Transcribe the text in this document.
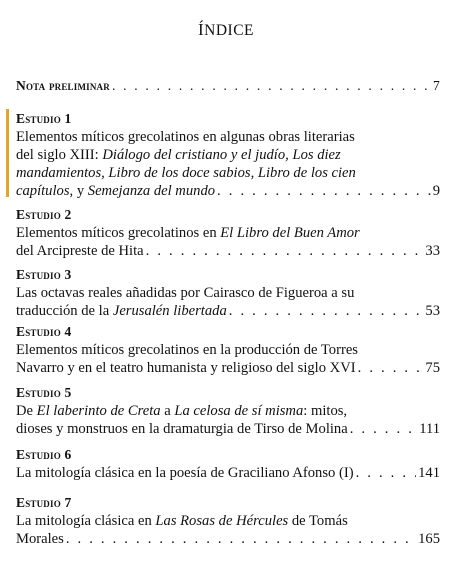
ÍNDICE
Nota preliminar . . .	7
Estudio 1
Elementos míticos grecolatinos en algunas obras literarias
del siglo XIII: Diálogo del cristiano y el judío, Los diez
mandamientos, Libro de los doce sabios, Libro de los cien
capítulos, y Semejanza del mundo . . .	9
Estudio 2
Elementos míticos grecolatinos en El Libro del Buen Amor
del Arcipreste de Hita . . .	33
Estudio 3
Las octavas reales añadidas por Cairasco de Figueroa a su
traducción de la Jerusalén libertada . . .	53
Estudio 4
Elementos míticos grecolatinos en la producción de Torres
Navarro y en el teatro humanista y religioso del siglo XVI . . .	75
Estudio 5
De El laberinto de Creta a La celosa de sí misma: mitos,
dioses y monstruos en la dramaturgia de Tirso de Molina . . .	111
Estudio 6
La mitología clásica en la poesía de Graciliano Afonso (I) . . .	141
Estudio 7
La mitología clásica en Las Rosas de Hércules de Tomás
Morales . . .	165
